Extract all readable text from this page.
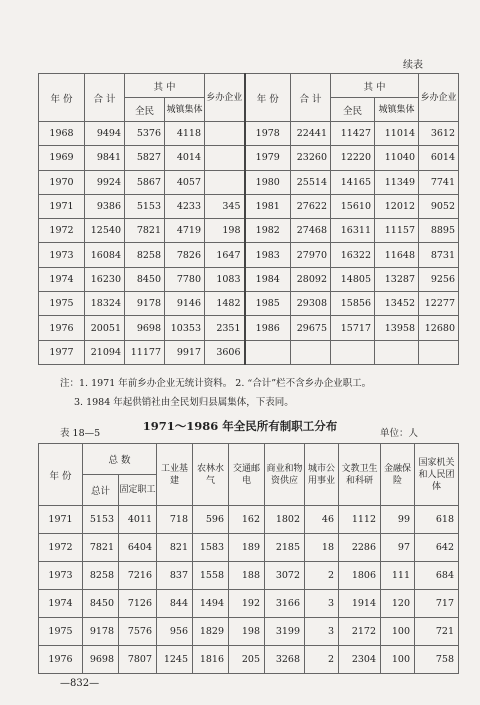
续表
年 份	合 计	其 中		乡办企业	年 份	合 计	其 中		乡办企业
		全民	城镇集体				全民	城镇集体	
1968	9494	5376	4118		1978	22441	11427	11014	3612
1969	9841	5827	4014		1979	23260	12220	11040	6014
1970	9924	5867	4057		1980	25514	14165	11349	7741
1971	9386	5153	4233	345	1981	27622	15610	12012	9052
1972	12540	7821	4719	198	1982	27468	16311	11157	8895
1973	16084	8258	7826	1647	1983	27970	16322	11648	8731
1974	16230	8450	7780	1083	1984	28092	14805	13287	9256
1975	18324	9178	9146	1482	1985	29308	15856	13452	12277
1976	20051	9698	10353	2351	1986	29675	15717	13958	12680
1977	21094	11177	9917	3606					
注：1. 1971 年前乡办企业无统计资料。 2. “合计”栏不含乡办企业职工。
3. 1984 年起供销社由全民划归县属集体，下表同。
1971～1986 年全民所有制职工分布
表 18—5	单位：人
年 份	总 数		工业基建	农林水气	交通邮电	商业和物资供应	城市公用事业	文教卫生和科研	金融保险	国家机关和人民团体
	总计	固定职工								
1971	5153	4011	718	596	162	1802	46	1112	99	618
1972	7821	6404	821	1583	189	2185	18	2286	97	642
1973	8258	7216	837	1558	188	3072	2	1806	111	684
1974	8450	7126	844	1494	192	3166	3	1914	120	717
1975	9178	7576	956	1829	198	3199	3	2172	100	721
1976	9698	7807	1245	1816	205	3268	2	2304	100	758
—832—
